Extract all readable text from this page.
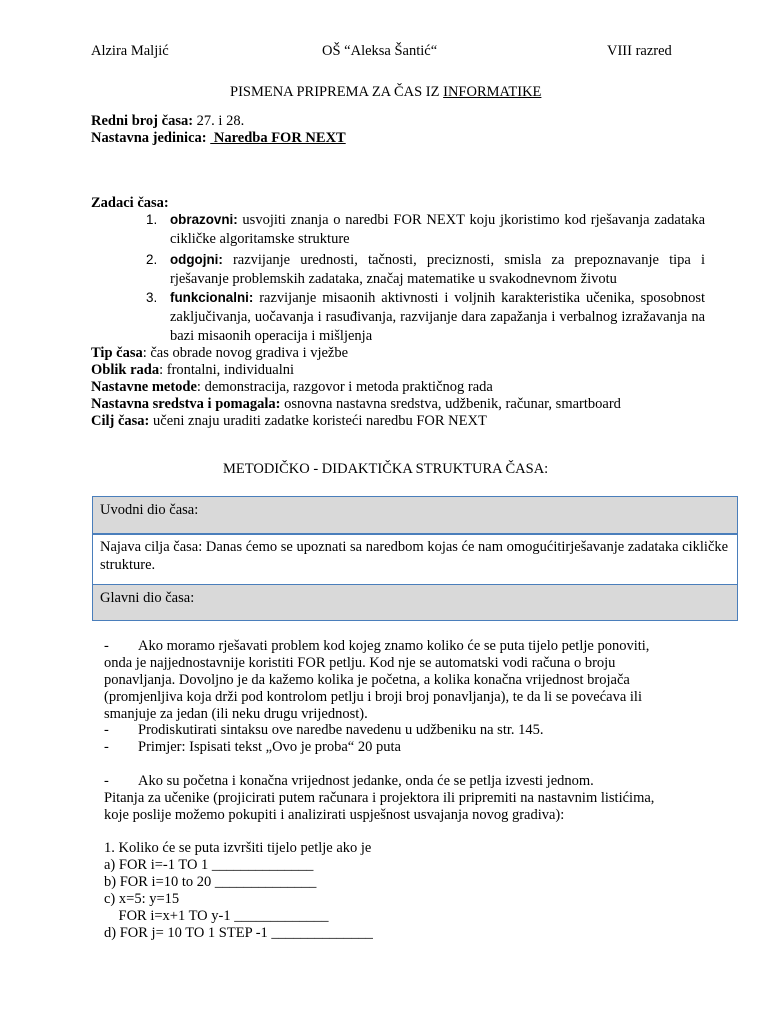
Alzira Maljić	OŠ “Aleksa Šantić“	VIII razred
PISMENA PRIPREMA ZA ČAS IZ INFORMATIKE
Redni broj časa: 27. i 28.
Nastavna jedinica:  Naredba FOR NEXT
Zadaci časa:
1. obrazovni: usvojiti znanja o naredbi FOR NEXT koju jkoristimo kod rješavanja zadataka cikličke algoritamske strukture
2. odgojni: razvijanje urednosti, tačnosti, preciznosti, smisla za prepoznavanje tipa i rješavanje problemskih zadataka, značaj matematike u svakodnevnom životu
3. funkcionalni: razvijanje misaonih aktivnosti i voljnih karakteristika učenika, sposobnost zaključivanja, uočavanja i rasuđivanja, razvijanje dara zapažanja i verbalnog izražavanja na bazi misaonih operacija i mišljenja
Tip časa: čas obrade novog gradiva i vježbe
Oblik rada: frontalni, individualni
Nastavne metode: demonstracija, razgovor i metoda praktičnog rada
Nastavna sredstva i pomagala: osnovna nastavna sredstva, udžbenik, računar, smartboard
Cilj časa: učeni znaju uraditi zadatke koristeći naredbu FOR NEXT
METODIČKO - DIDAKTIČKA STRUKTURA ČASA:
Uvodni dio časa:
Najava cilja časa: Danas ćemo se upoznati sa naredbom kojas će nam omogućitirješavanje zadataka cikličke strukture.
Glavni dio časa:
- Ako moramo rješavati problem kod kojeg znamo koliko će se puta tijelo petlje ponoviti,
onda je najjednostavnije koristiti FOR petlju. Kod nje se automatski vodi računa o broju
ponavljanja. Dovoljno je da kažemo kolika je početna, a kolika konačna vrijednost brojača
(promjenljiva koja drži pod kontrolom petlju i broji broj ponavljanja), te da li se povećava ili
smanjuje za jedan (ili neku drugu vrijednost).
- Prodiskutirati sintaksu ove naredbe navedenu u udžbeniku na str. 145.
- Primjer: Ispisati tekst „Ovo je proba“ 20 puta
- Ako su početna i konačna vrijednost jedanke, onda će se petlja izvesti jednom.
Pitanja za učenike (projicirati putem računara i projektora ili pripremiti na nastavnim listićima,
koje poslije možemo pokupiti i analizirati uspješnost usvajanja novog gradiva):
1. Koliko će se puta izvršiti tijelo petlje ako je
a) FOR i=-1 TO 1 ______________
b) FOR i=10 to 20 ______________
c) x=5: y=15
FOR i=x+1 TO y-1 _____________
d) FOR j= 10 TO 1 STEP -1 ______________
